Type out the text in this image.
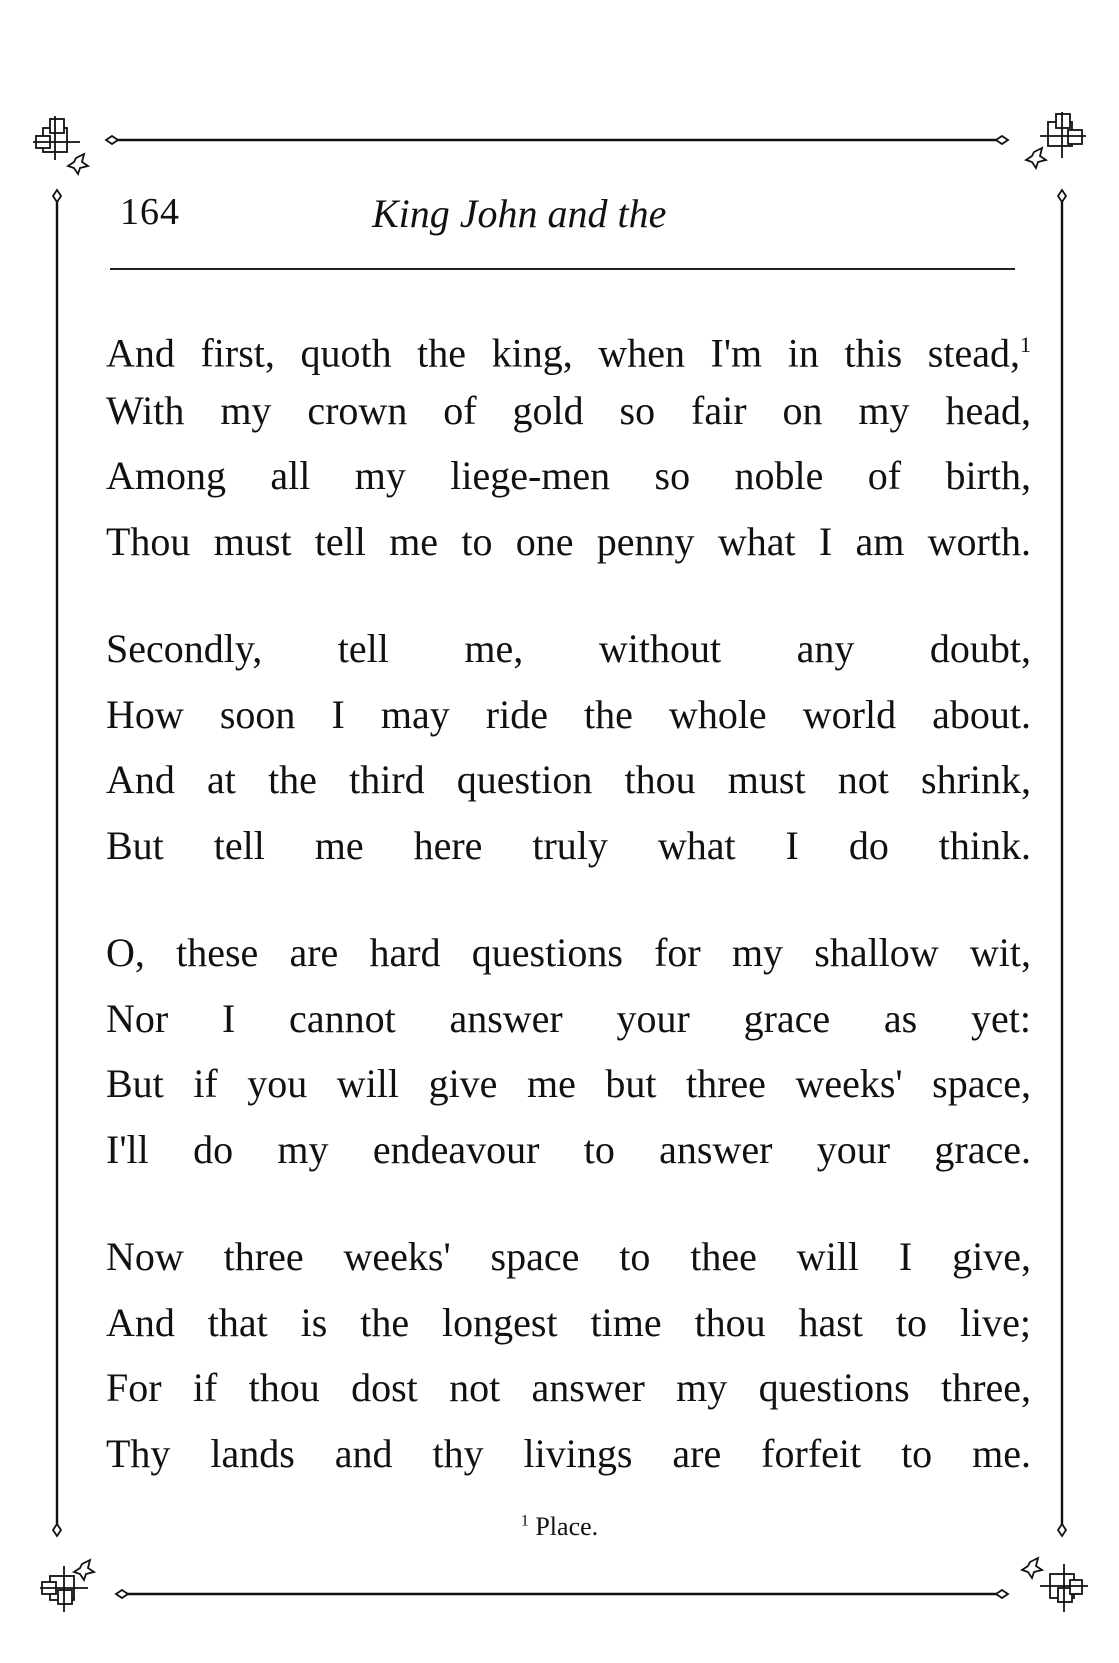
164	King John and the
And first, quoth the king, when I'm in this stead,$^1$
With my crown of gold so fair on my head,
Among all my liege-men so noble of birth,
Thou must tell me to one penny what I am worth.
Secondly, tell me, without any doubt,
How soon I may ride the whole world about.
And at the third question thou must not shrink,
But tell me here truly what I do think.
O, these are hard questions for my shallow wit,
Nor I cannot answer your grace as yet:
But if you will give me but three weeks' space,
I'll do my endeavour to answer your grace.
Now three weeks' space to thee will I give,
And that is the longest time thou hast to live;
For if thou dost not answer my questions three,
Thy lands and thy livings are forfeit to me.
$^1$ Place.
